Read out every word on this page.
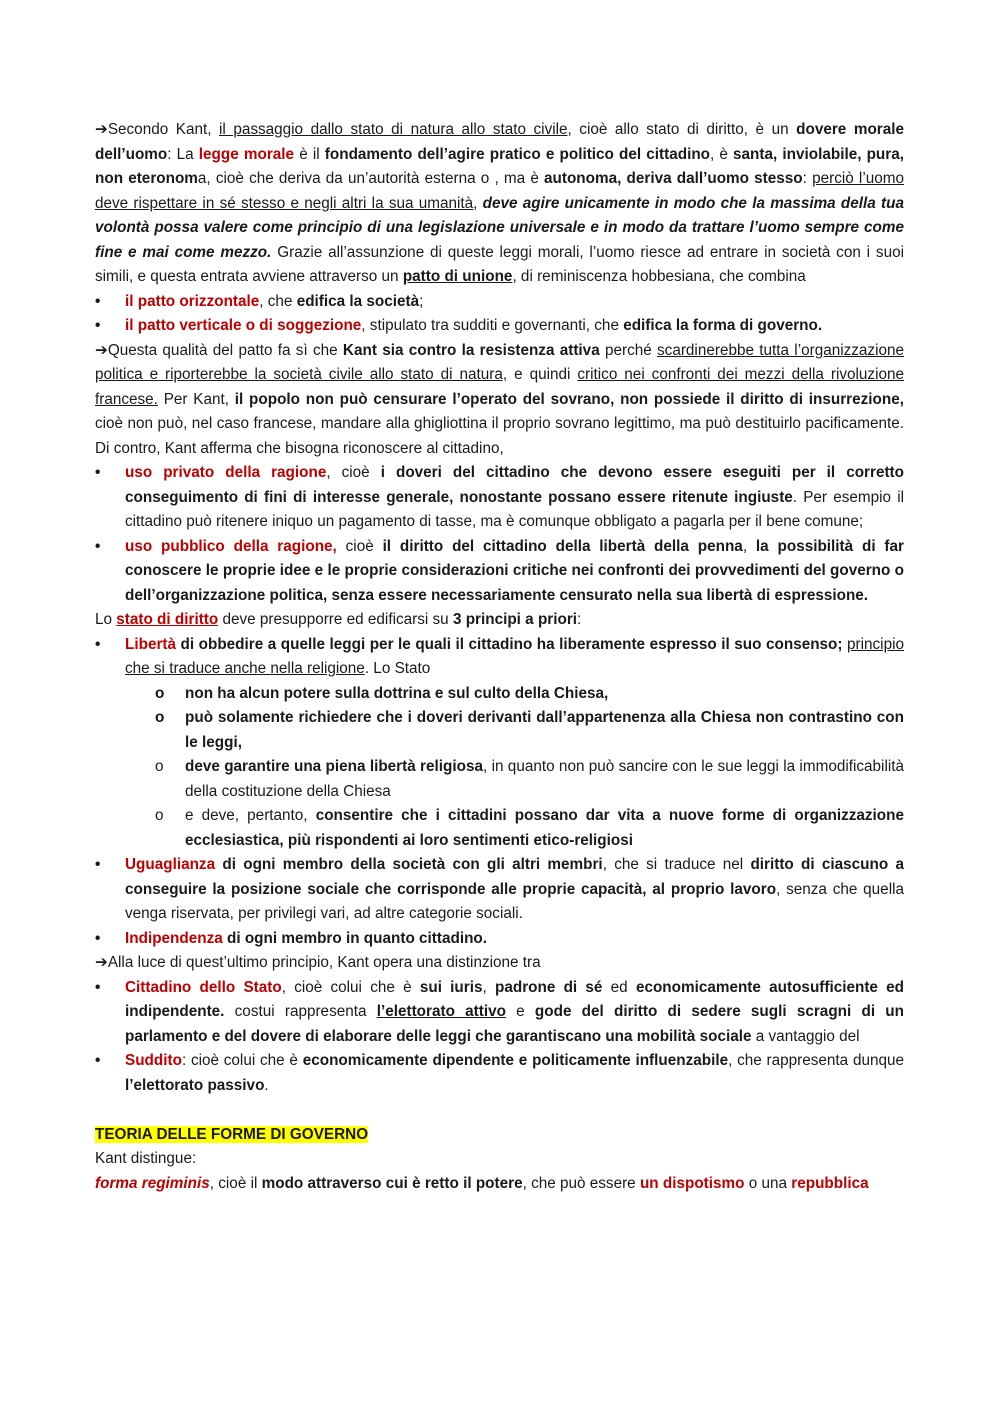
➔Secondo Kant, il passaggio dallo stato di natura allo stato civile, cioè allo stato di diritto, è un dovere morale dell’uomo: La legge morale è il fondamento dell’agire pratico e politico del cittadino, è santa, inviolabile, pura, non eteronoma, cioè che deriva da un’autorità esterna o , ma è autonoma, deriva dall’uomo stesso: perciò l’uomo deve rispettare in sé stesso e negli altri la sua umanità, deve agire unicamente in modo che la massima della tua volontà possa valere come principio di una legislazione universale e in modo da trattare l’uomo sempre come fine e mai come mezzo. Grazie all’assunzione di queste leggi morali, l’uomo riesce ad entrare in società con i suoi simili, e questa entrata avviene attraverso un patto di unione, di reminiscenza hobbesiana, che combina

• il patto orizzontale, che edifica la società;
• il patto verticale o di soggezione, stipulato tra sudditi e governanti, che edifica la forma di governo.

➔Questa qualità del patto fa sì che Kant sia contro la resistenza attiva perché scardinerebbe tutta l’organizzazione politica e riporterebbe la società civile allo stato di natura, e quindi critico nei confronti dei mezzi della rivoluzione francese. Per Kant, il popolo non può censurare l’operato del sovrano, non possiede il diritto di insurrezione, cioè non può, nel caso francese, mandare alla ghigliottina il proprio sovrano legittimo, ma può destituirlo pacificamente. Di contro, Kant afferma che bisogna riconoscere al cittadino,

• uso privato della ragione, cioè i doveri del cittadino che devono essere eseguiti per il corretto conseguimento di fini di interesse generale, nonostante possano essere ritenute ingiuste. Per esempio il cittadino può ritenere iniquo un pagamento di tasse, ma è comunque obbligato a pagarla per il bene comune;
• uso pubblico della ragione, cioè il diritto del cittadino della libertà della penna, la possibilità di far conoscere le proprie idee e le proprie considerazioni critiche nei confronti dei provvedimenti del governo o dell’organizzazione politica, senza essere necessariamente censurato nella sua libertà di espressione.

Lo stato di diritto deve presupporre ed edificarsi su 3 principi a priori:

• Libertà di obbedire a quelle leggi per le quali il cittadino ha liberamente espresso il suo consenso; principio che si traduce anche nella religione. Lo Stato
o non ha alcun potere sulla dottrina e sul culto della Chiesa,
o può solamente richiedere che i doveri derivanti dall’appartenenza alla Chiesa non contrastino con le leggi,
o deve garantire una piena libertà religiosa, in quanto non può sancire con le sue leggi la immodificabilità della costituzione della Chiesa
o e deve, pertanto, consentire che i cittadini possano dar vita a nuove forme di organizzazione ecclesiastica, più rispondenti ai loro sentimenti etico-religiosi
• Uguaglianza di ogni membro della società con gli altri membri, che si traduce nel diritto di ciascuno a conseguire la posizione sociale che corrisponde alle proprie capacità, al proprio lavoro, senza che quella venga riservata, per privilegi vari, ad altre categorie sociali.
• Indipendenza di ogni membro in quanto cittadino.

➔Alla luce di quest’ultimo principio, Kant opera una distinzione tra

• Cittadino dello Stato, cioè colui che è sui iuris, padrone di sé ed economicamente autosufficiente ed indipendente. costui rappresenta l’elettorato attivo e gode del diritto di sedere sugli scragni di un parlamento e del dovere di elaborare delle leggi che garantiscano una mobilità sociale a vantaggio del
• Suddito: cioè colui che è economicamente dipendente e politicamente influenzabile, che rappresenta dunque l’elettorato passivo.

TEORIA DELLE FORME DI GOVERNO

Kant distingue:

forma regiminis, cioè il modo attraverso cui è retto il potere, che può essere un dispotismo o una repubblica
